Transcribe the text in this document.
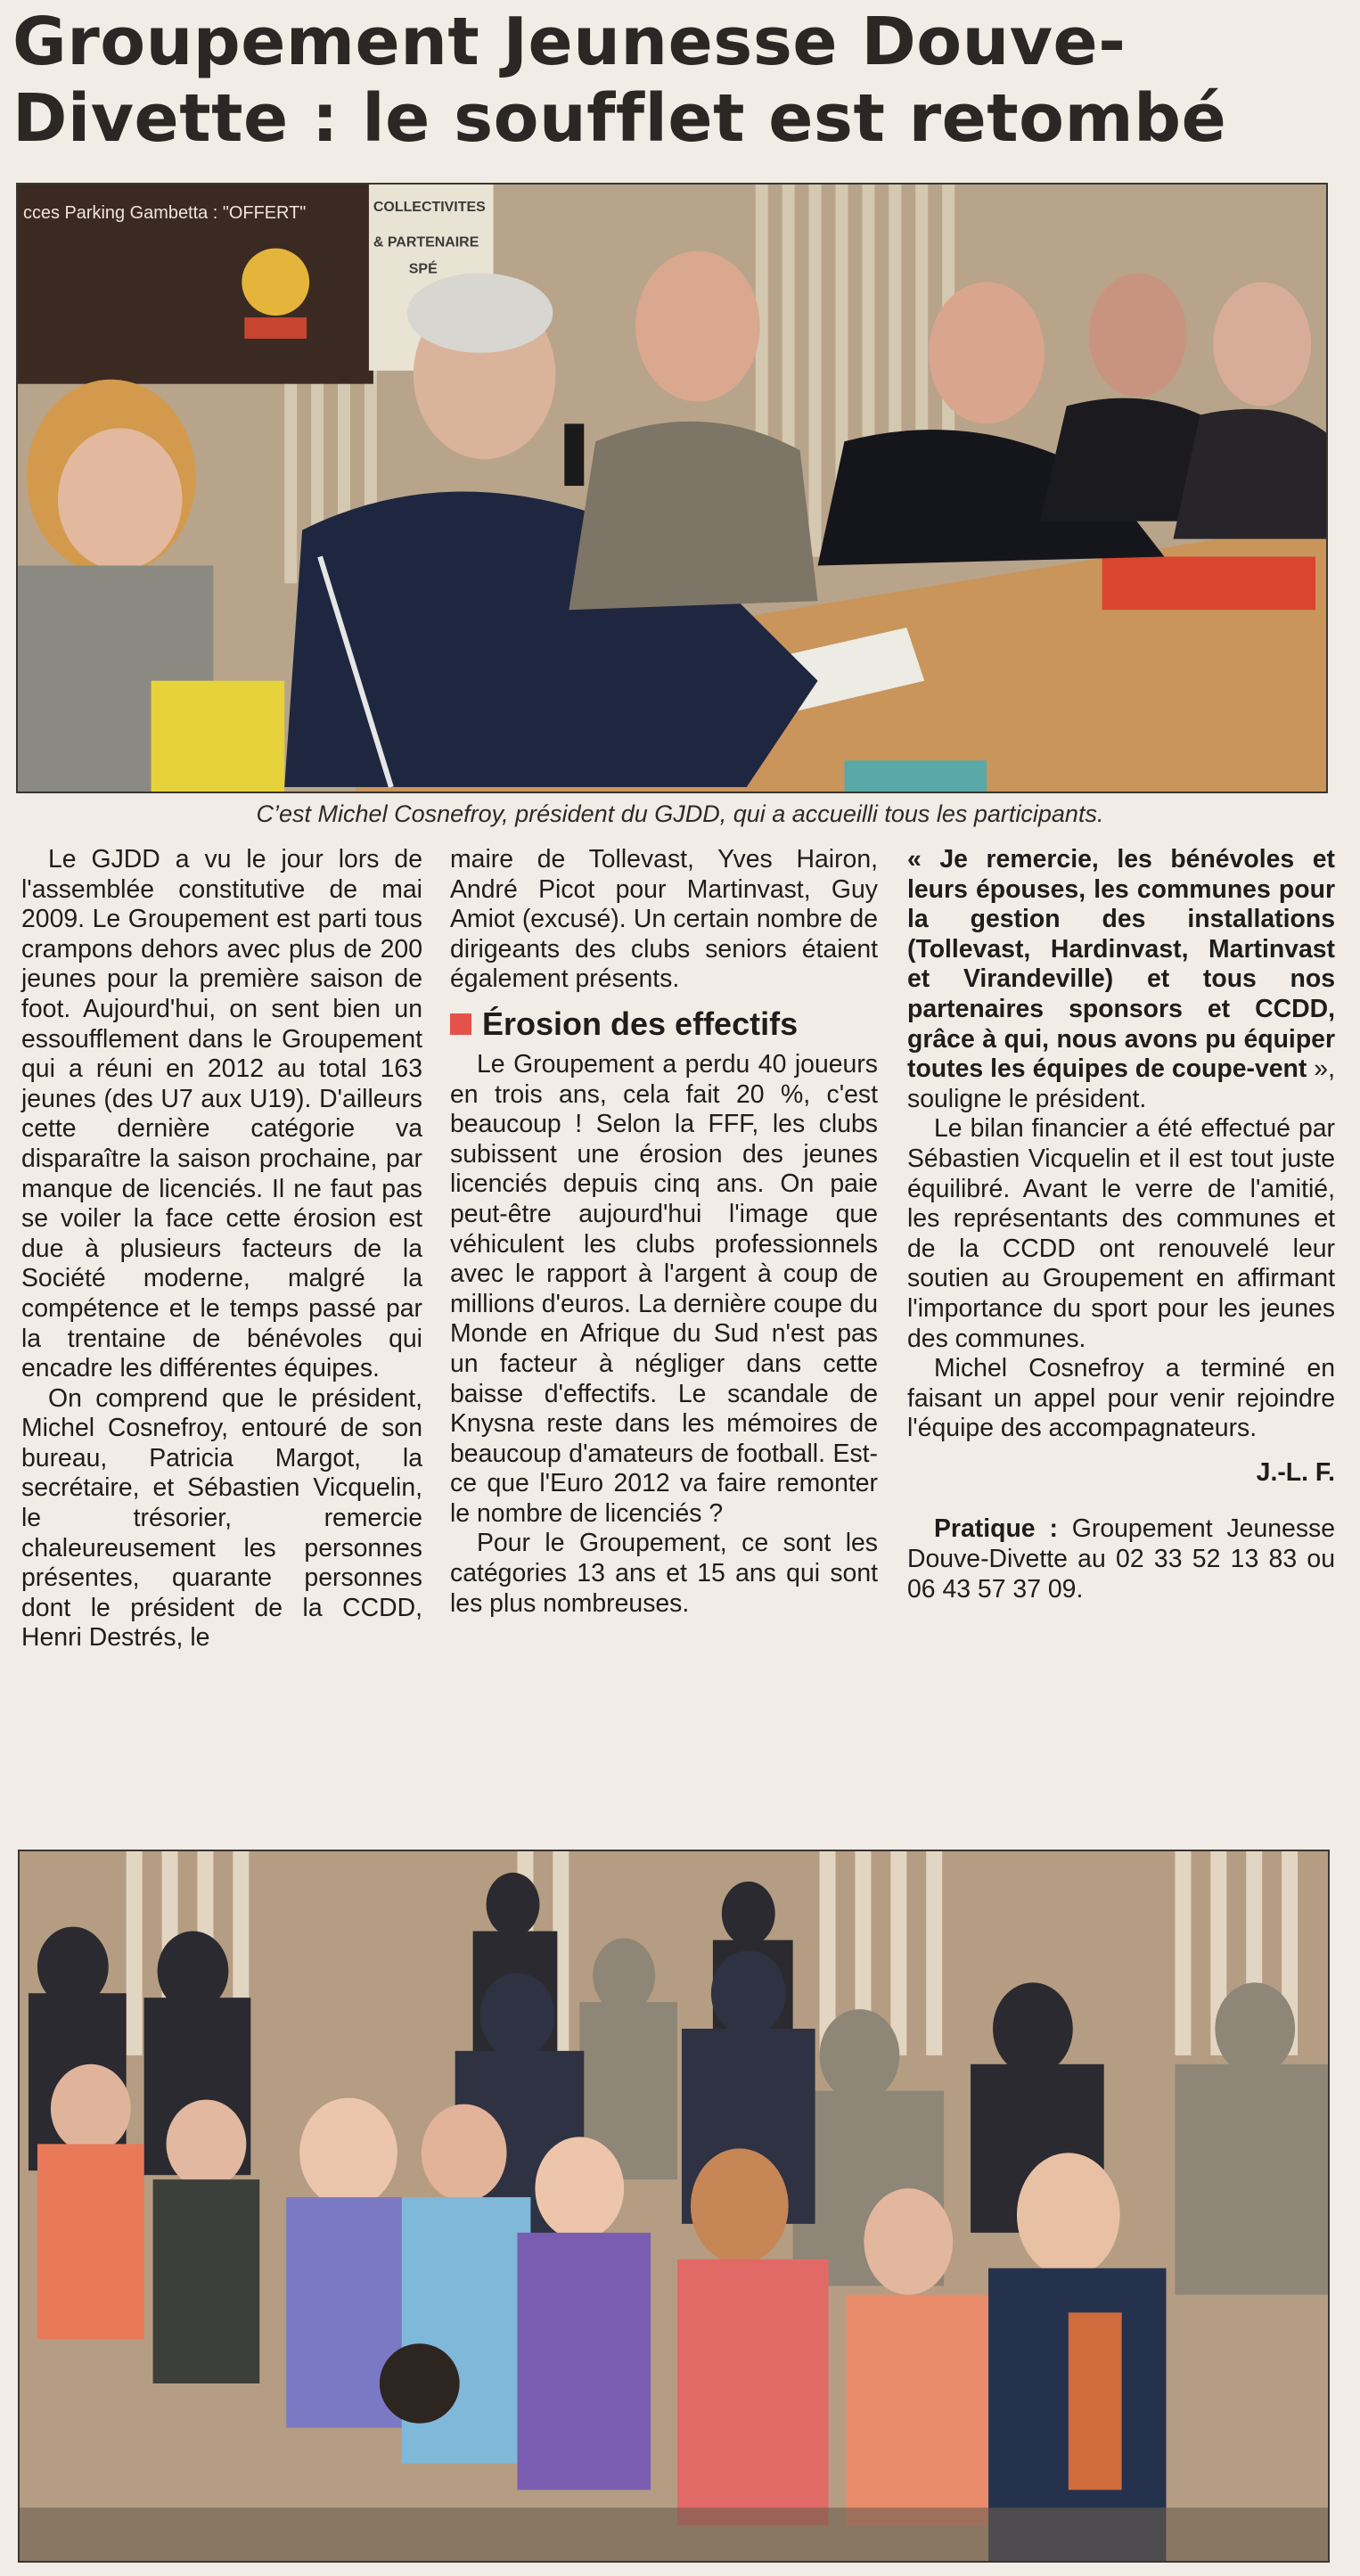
Groupement Jeunesse Douve-
Divette : le soufflet est retombé
cces Parking Gambetta : "OFFERT"	COLLECTIVITES
& PARTENAIRE
SPÉ
C’est Michel Cosnefroy, président du GJDD, qui a accueilli tous les participants.

Le GJDD a vu le jour lors de l'assemblée constitutive de mai 2009. Le Groupement est parti tous crampons dehors avec plus de 200 jeunes pour la première saison de foot. Aujourd'hui, on sent bien un essoufflement dans le Groupement qui a réuni en 2012 au total 163 jeunes (des U7 aux U19). D'ailleurs cette dernière catégorie va disparaître la saison prochaine, par manque de licenciés. Il ne faut pas se voiler la face cette érosion est due à plusieurs facteurs de la Société moderne, malgré la compétence et le temps passé par la trentaine de bénévoles qui encadre les différentes équipes.

On comprend que le président, Michel Cosnefroy, entouré de son bureau, Patricia Margot, la secrétaire, et Sébastien Vicquelin, le trésorier, remercie chaleureusement les personnes présentes, quarante personnes dont le président de la CCDD, Henri Destrés, le

maire de Tollevast, Yves Hairon, André Picot pour Martinvast, Guy Amiot (excusé). Un certain nombre de dirigeants des clubs seniors étaient également présents.

Érosion des effectifs

Le Groupement a perdu 40 joueurs en trois ans, cela fait 20 %, c'est beaucoup ! Selon la FFF, les clubs subissent une érosion des jeunes licenciés depuis cinq ans. On paie peut-être aujourd'hui l'image que véhiculent les clubs professionnels avec le rapport à l'argent à coup de millions d'euros. La dernière coupe du Monde en Afrique du Sud n'est pas un facteur à négliger dans cette baisse d'effectifs. Le scandale de Knysna reste dans les mémoires de beaucoup d'amateurs de football. Est-ce que l'Euro 2012 va faire remonter le nombre de licenciés ?

Pour le Groupement, ce sont les catégories 13 ans et 15 ans qui sont les plus nombreuses.

« Je remercie, les bénévoles et leurs épouses, les communes pour la gestion des installations (Tollevast, Hardinvast, Martinvast et Virandeville) et tous nos partenaires sponsors et CCDD, grâce à qui, nous avons pu équiper toutes les équipes de coupe-vent », souligne le président.

Le bilan financier a été effectué par Sébastien Vicquelin et il est tout juste équilibré. Avant le verre de l'amitié, les représentants des communes et de la CCDD ont renouvelé leur soutien au Groupement en affirmant l'importance du sport pour les jeunes des communes.

Michel Cosnefroy a terminé en faisant un appel pour venir rejoindre l'équipe des accompagnateurs.

J.-L. F.

Pratique : Groupement Jeunesse Douve-Divette au 02 33 52 13 83 ou 06 43 57 37 09.
